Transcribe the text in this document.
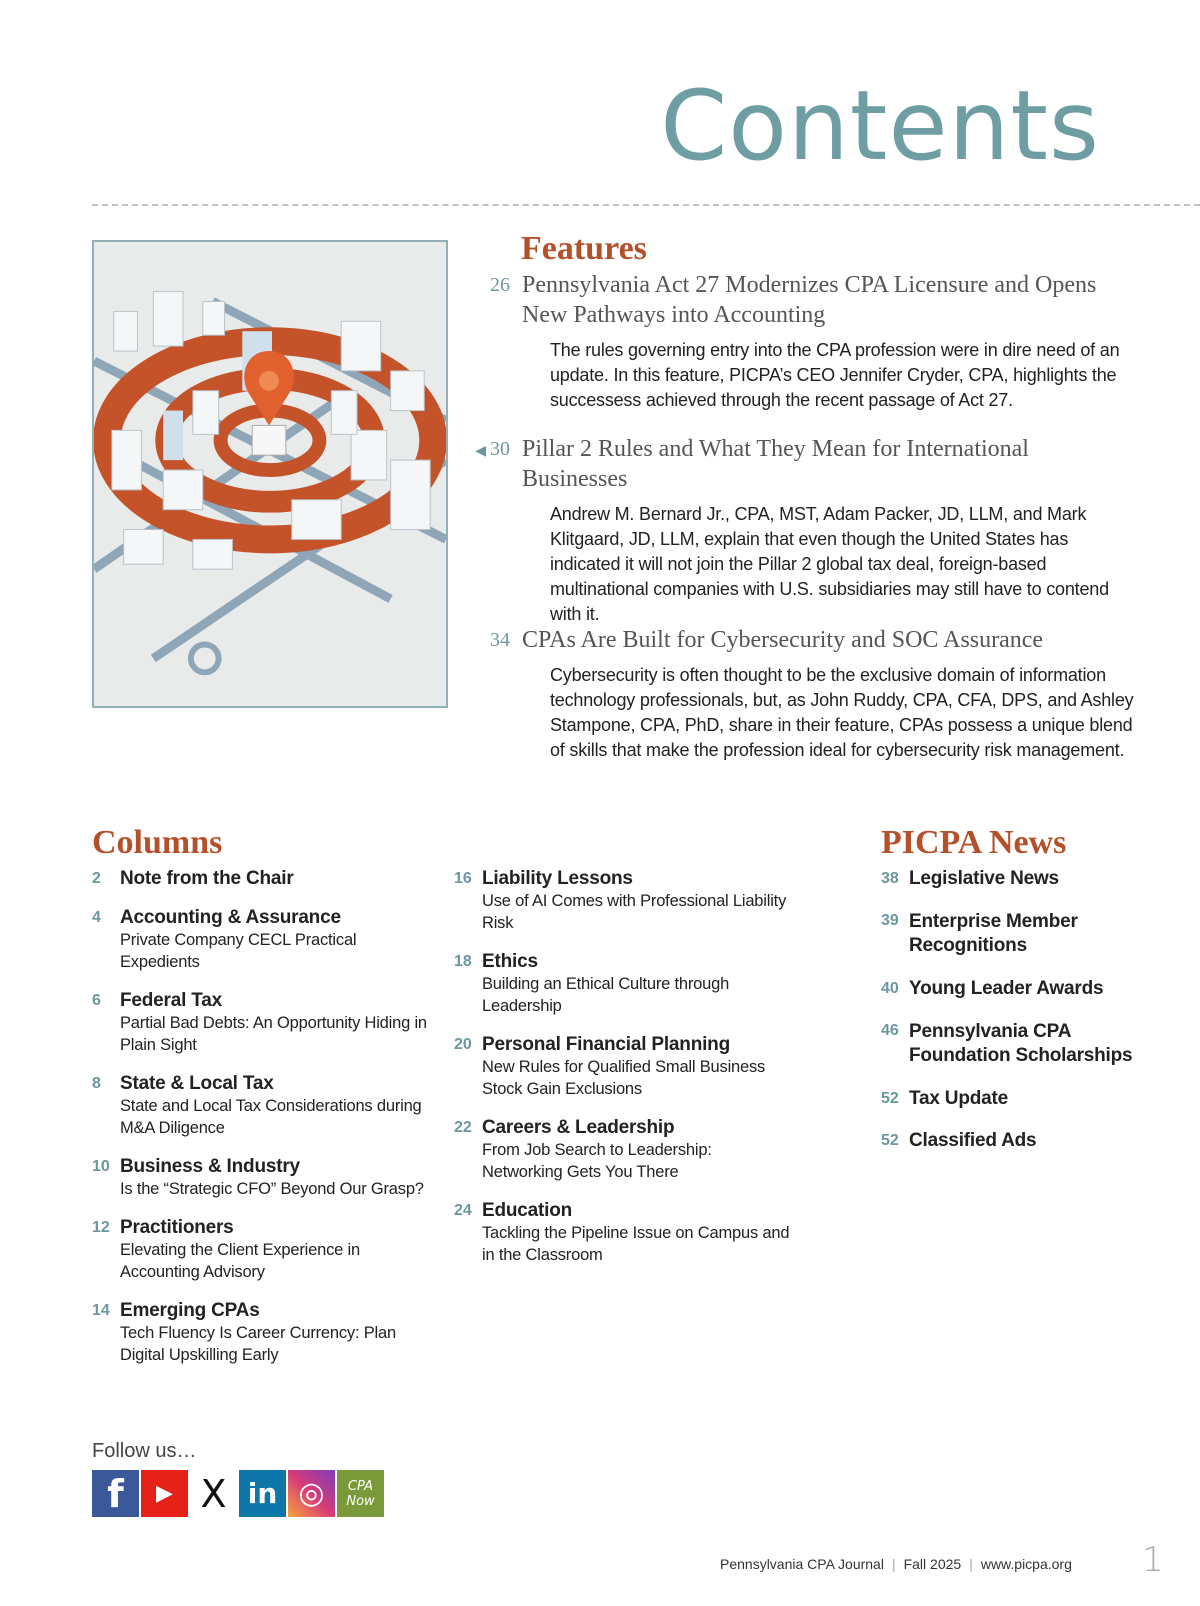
Contents
Features
26 Pennsylvania Act 27 Modernizes CPA Licensure and Opens New Pathways into Accounting
The rules governing entry into the CPA profession were in dire need of an update. In this feature, PICPA’s CEO Jennifer Cryder, CPA, highlights the successess achieved through the recent passage of Act 27.
◀ 30 Pillar 2 Rules and What They Mean for International Businesses
Andrew M. Bernard Jr., CPA, MST, Adam Packer, JD, LLM, and Mark Klitgaard, JD, LLM, explain that even though the United States has indicated it will not join the Pillar 2 global tax deal, foreign-based multinational companies with U.S. subsidiaries may still have to contend with it.
34 CPAs Are Built for Cybersecurity and SOC Assurance
Cybersecurity is often thought to be the exclusive domain of information technology professionals, but, as John Ruddy, CPA, CFA, DPS, and Ashley Stampone, CPA, PhD, share in their feature, CPAs possess a unique blend of skills that make the profession ideal for cybersecurity risk management.
Columns
2	Note from the Chair
4	Accounting & Assurance
Private Company CECL Practical Expedients
6	Federal Tax
Partial Bad Debts: An Opportunity Hiding in Plain Sight
8	State & Local Tax
State and Local Tax Considerations during M&A Diligence
10 Business & Industry
Is the “Strategic CFO” Beyond Our Grasp?
12 Practitioners
Elevating the Client Experience in Accounting Advisory
14 Emerging CPAs
Tech Fluency Is Career Currency: Plan Digital Upskilling Early
16 Liability Lessons
Use of AI Comes with Professional Liability Risk
18 Ethics
Building an Ethical Culture through Leadership
20 Personal Financial Planning
New Rules for Qualified Small Business Stock Gain Exclusions
22 Careers & Leadership
From Job Search to Leadership: Networking Gets You There
24 Education
Tackling the Pipeline Issue on Campus and in the Classroom
PICPA News
38 Legislative News
39 Enterprise Member Recognitions
40 Young Leader Awards
46 Pennsylvania CPA Foundation Scholarships
52 Tax Update
52 Classified Ads
Follow us…
f ▶ X in ◎	CPA Now
Pennsylvania CPA Journal | Fall 2025 | www.picpa.org 1
